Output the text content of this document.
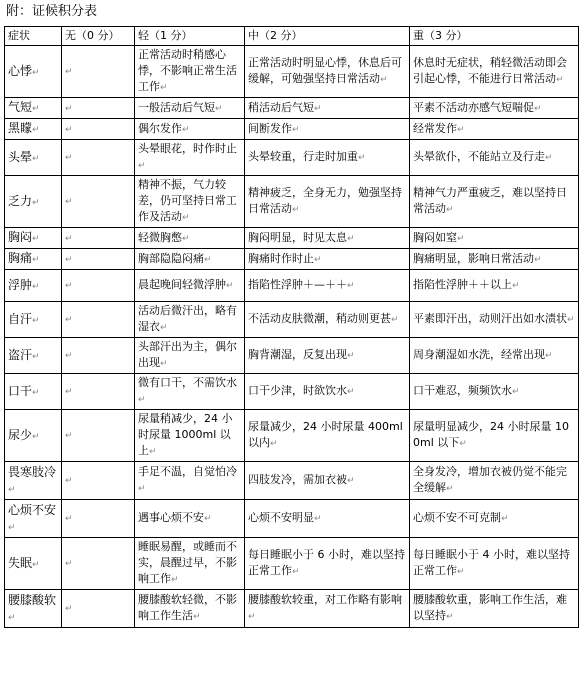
附：证候积分表
症状	无（0 分）	轻（1 分）	中（2 分）	重（3 分）
心悸↵	↵	正常活动时稍感心悸，不影响正常生活工作↵	正常活动时明显心悸，休息后可缓解，可勉强坚持日常活动↵	休息时无症状，稍轻微活动即会引起心悸，不能进行日常活动↵
气短↵	↵	一般活动后气短↵	稍活动后气短↵	平素不活动亦感气短喘促↵
黑矇↵	↵	偶尔发作↵	间断发作↵	经常发作↵
头晕↵	↵	头晕眼花，时作时止↵	头晕较重，行走时加重↵	头晕欲仆，不能站立及行走↵
乏力↵	↵	精神不振，气力较差，仍可坚持日常工作及活动↵	精神疲乏，全身无力，勉强坚持日常活动↵	精神气力严重疲乏，难以坚持日常活动↵
胸闷↵	↵	轻微胸憋↵	胸闷明显，时见太息↵	胸闷如窒↵
胸痛↵	↵	胸部隐隐闷痛↵	胸痛时作时止↵	胸痛明显，影响日常活动↵
浮肿↵	↵	晨起晚间轻微浮肿↵	指陷性浮肿＋—＋＋↵	指陷性浮肿＋＋以上↵
自汗↵	↵	活动后微汗出，略有湿衣↵	不活动皮肤微潮，稍动则更甚↵	平素即汗出，动则汗出如水渍状↵
盗汗↵	↵	头部汗出为主，偶尔出现↵	胸背潮湿，反复出现↵	周身潮湿如水洗，经常出现↵
口干↵	↵	微有口干，不需饮水↵	口干少津，时欲饮水↵	口干难忍，频频饮水↵
尿少↵	↵	尿量稍减少，24 小时尿量 1000ml 以上↵	尿量减少，24 小时尿量 400ml 以内↵	尿量明显减少，24 小时尿量 100ml 以下↵
畏寒肢冷↵	↵	手足不温，自觉怕冷↵	四肢发冷，需加衣被↵	全身发冷，增加衣被仍觉不能完全缓解↵
心烦不安↵	↵	遇事心烦不安↵	心烦不安明显↵	心烦不安不可克制↵
失眠↵	↵	睡眠易醒，或睡而不实，晨醒过早，不影响工作↵	每日睡眠小于 6 小时，难以坚持正常工作↵	每日睡眠小于 4 小时，难以坚持正常工作↵
腰膝酸软↵	↵	腰膝酸软轻微，不影响工作生活↵	腰膝酸软较重，对工作略有影响↵	腰膝酸软重，影响工作生活，难以坚持↵
